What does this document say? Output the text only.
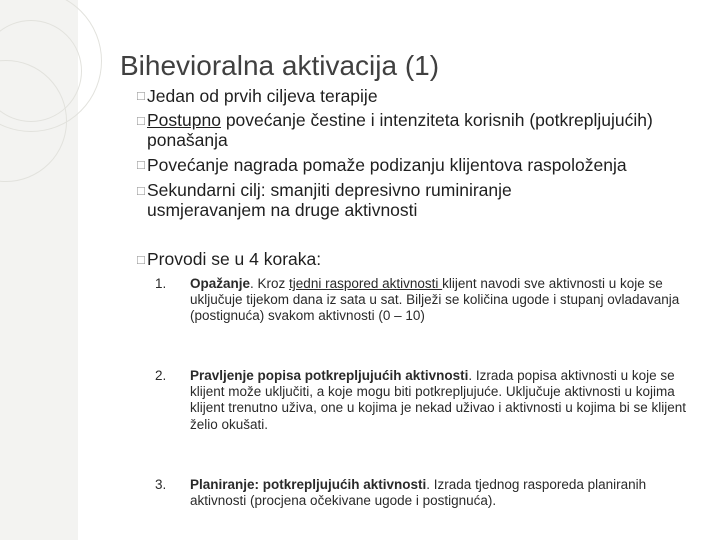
Bihevioralna aktivacija (1)
□ Jedan od prvih ciljeva terapije
□ Postupno povećanje čestine i intenziteta korisnih (potkrepljujućih) ponašanja
□ Povećanje nagrada pomaže podizanju klijentova raspoloženja
□ Sekundarni cilj: smanjiti depresivno ruminiranje usmjeravanjem na druge aktivnosti
□ Provodi se u 4 koraka:
1. Opažanje. Kroz tjedni raspored aktivnosti klijent navodi sve aktivnosti u koje se uključuje tijekom dana iz sata u sat. Bilježi se količina ugode i stupanj ovladavanja (postignuća) svakom aktivnosti (0 – 10)
2. Pravljenje popisa potkrepljujućih aktivnosti. Izrada popisa aktivnosti u koje se klijent može uključiti, a koje mogu biti potkrepljujuće. Uključuje aktivnosti u kojima klijent trenutno uživa, one u kojima je nekad uživao i aktivnosti u kojima bi se klijent želio okušati.
3. Planiranje: potkrepljujućih aktivnosti. Izrada tjednog rasporeda planiranih aktivnosti (procjena očekivane ugode i postignuća).
